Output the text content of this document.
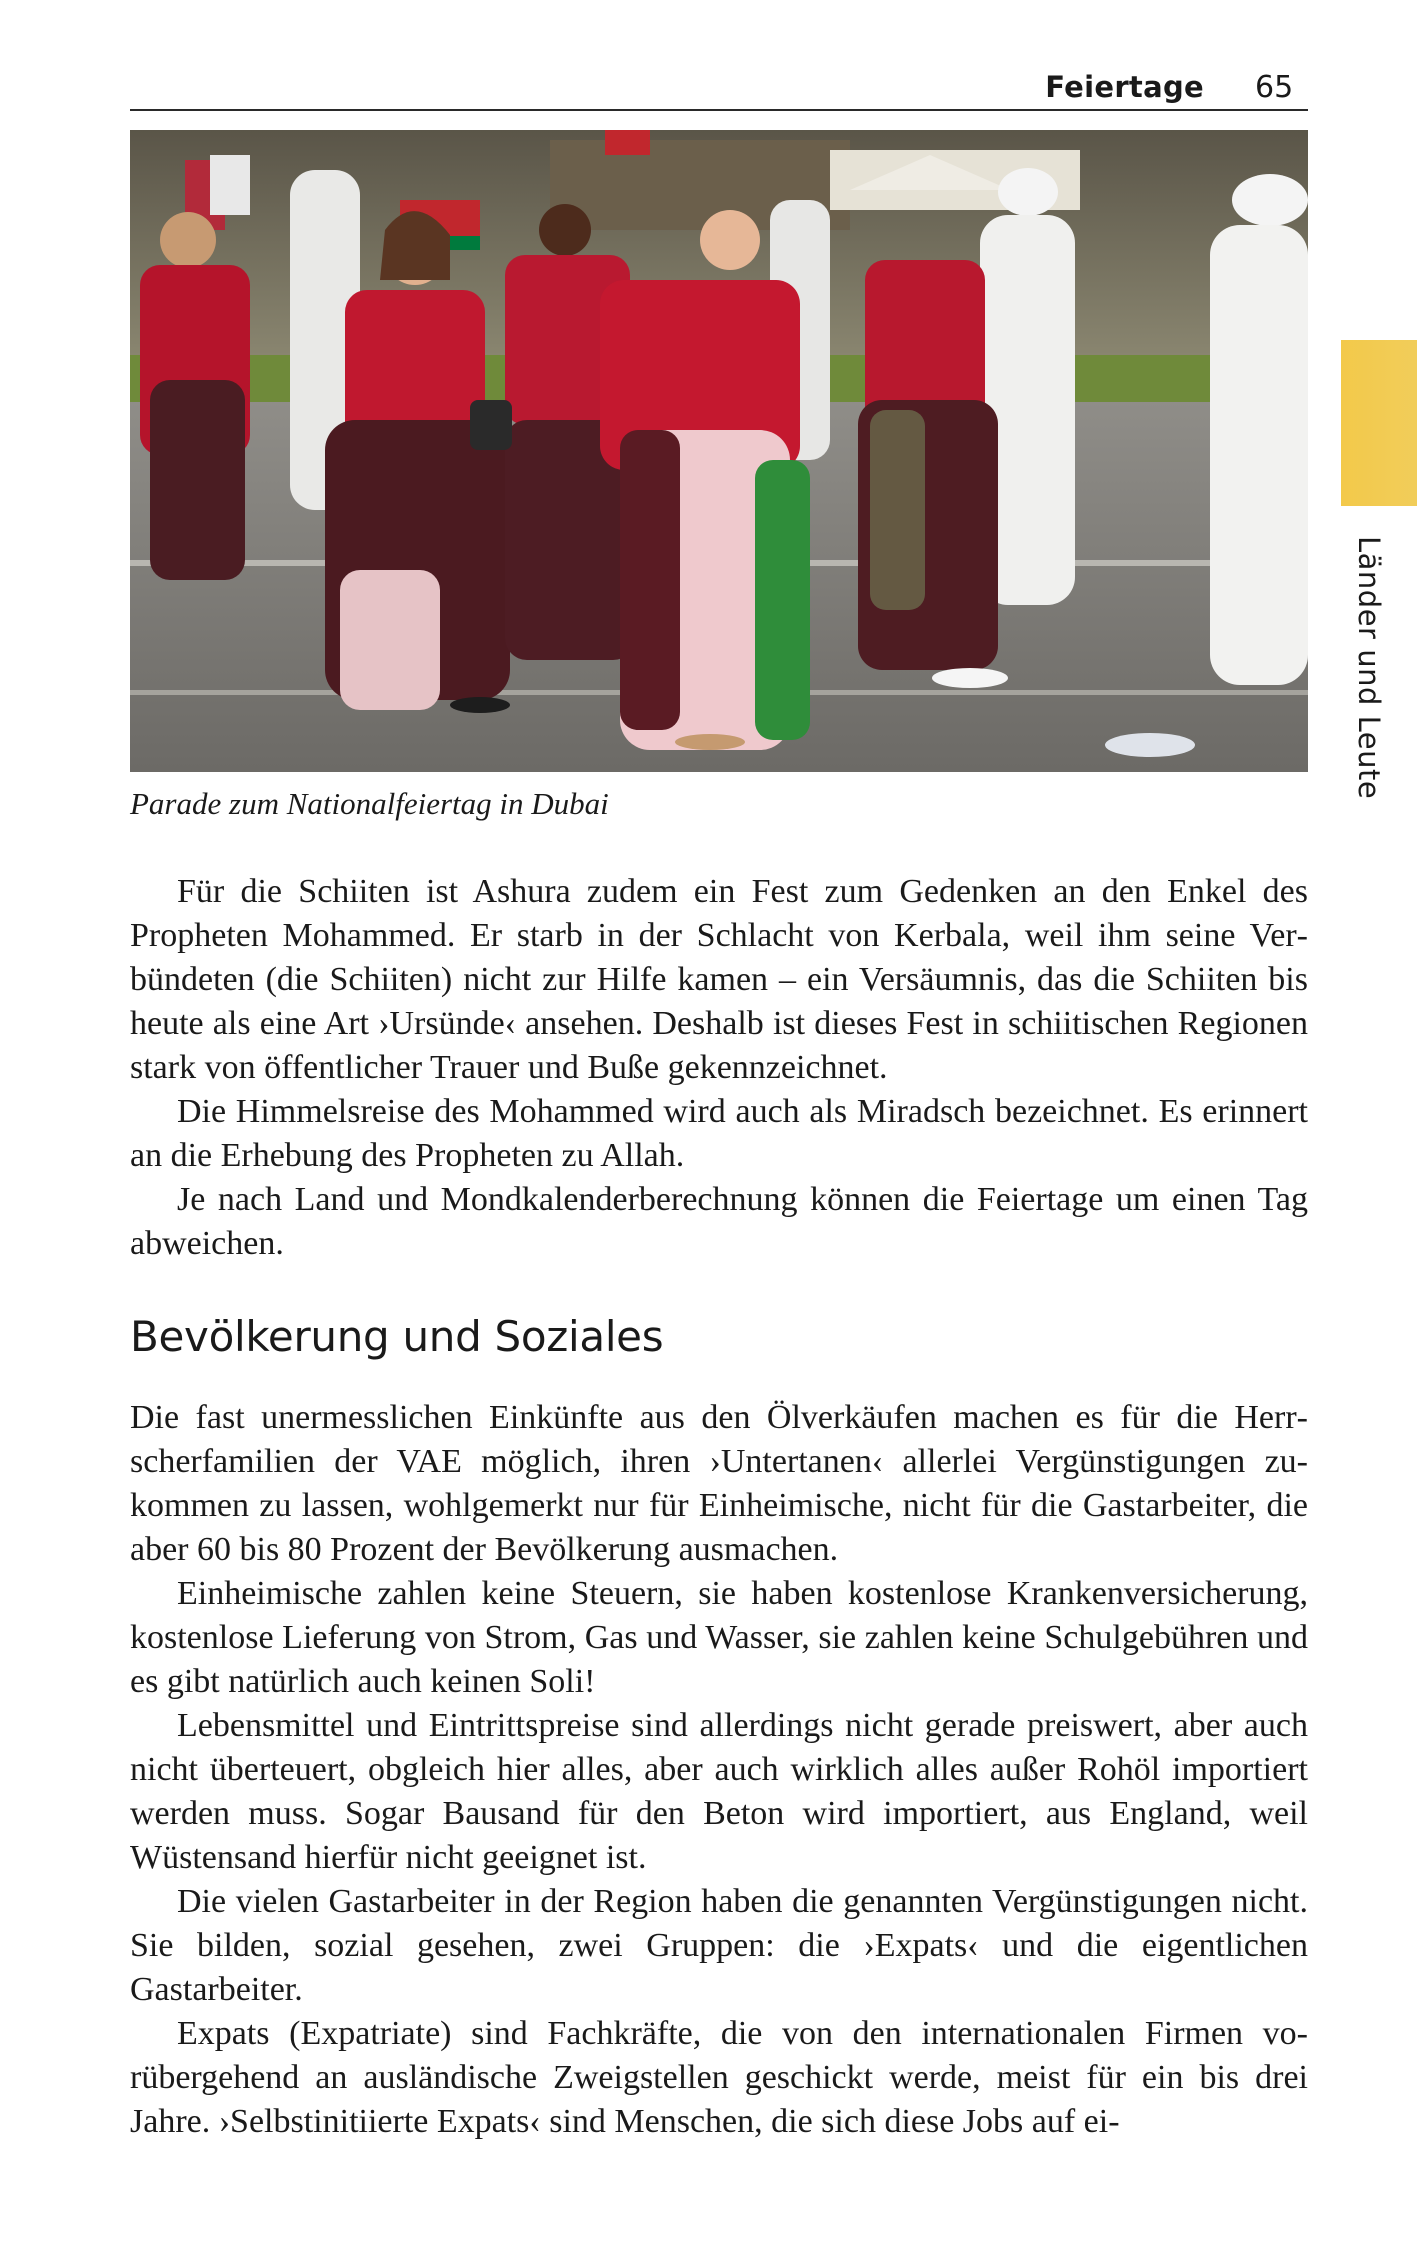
Feiertage 65
Länder und Leute
Parade zum Nationalfeiertag in Dubai

Für die Schiiten ist Ashura zudem ein Fest zum Gedenken an den Enkel des Propheten Mohammed. Er starb in der Schlacht von Kerbala, weil ihm seine Verbündeten (die Schiiten) nicht zur Hilfe kamen – ein Versäumnis, das die Schiiten bis heute als eine Art ›Ursünde‹ ansehen. Deshalb ist dieses Fest in schiitischen Regionen stark von öffentlicher Trauer und Buße gekennzeichnet.

Die Himmelsreise des Mohammed wird auch als Miradsch bezeichnet. Es erinnert an die Erhebung des Propheten zu Allah.

Je nach Land und Mondkalenderberechnung können die Feiertage um einen Tag abweichen.

Bevölkerung und Soziales

Die fast unermesslichen Einkünfte aus den Ölverkäufen machen es für die Herrscherfamilien der VAE möglich, ihren ›Untertanen‹ allerlei Vergünstigungen zukommen zu lassen, wohlgemerkt nur für Einheimische, nicht für die Gastarbeiter, die aber 60 bis 80 Prozent der Bevölkerung ausmachen.

Einheimische zahlen keine Steuern, sie haben kostenlose Krankenversicherung, kostenlose Lieferung von Strom, Gas und Wasser, sie zahlen keine Schulgebühren und es gibt natürlich auch keinen Soli!

Lebensmittel und Eintrittspreise sind allerdings nicht gerade preiswert, aber auch nicht überteuert, obgleich hier alles, aber auch wirklich alles außer Rohöl importiert werden muss. Sogar Bausand für den Beton wird importiert, aus England, weil Wüstensand hierfür nicht geeignet ist.

Die vielen Gastarbeiter in der Region haben die genannten Vergünstigungen nicht. Sie bilden, sozial gesehen, zwei Gruppen: die ›Expats‹ und die eigentlichen Gastarbeiter.

Expats (Expatriate) sind Fachkräfte, die von den internationalen Firmen vorübergehend an ausländische Zweigstellen geschickt werde, meist für ein bis drei Jahre. ›Selbstinitiierte Expats‹ sind Menschen, die sich diese Jobs auf ei-
